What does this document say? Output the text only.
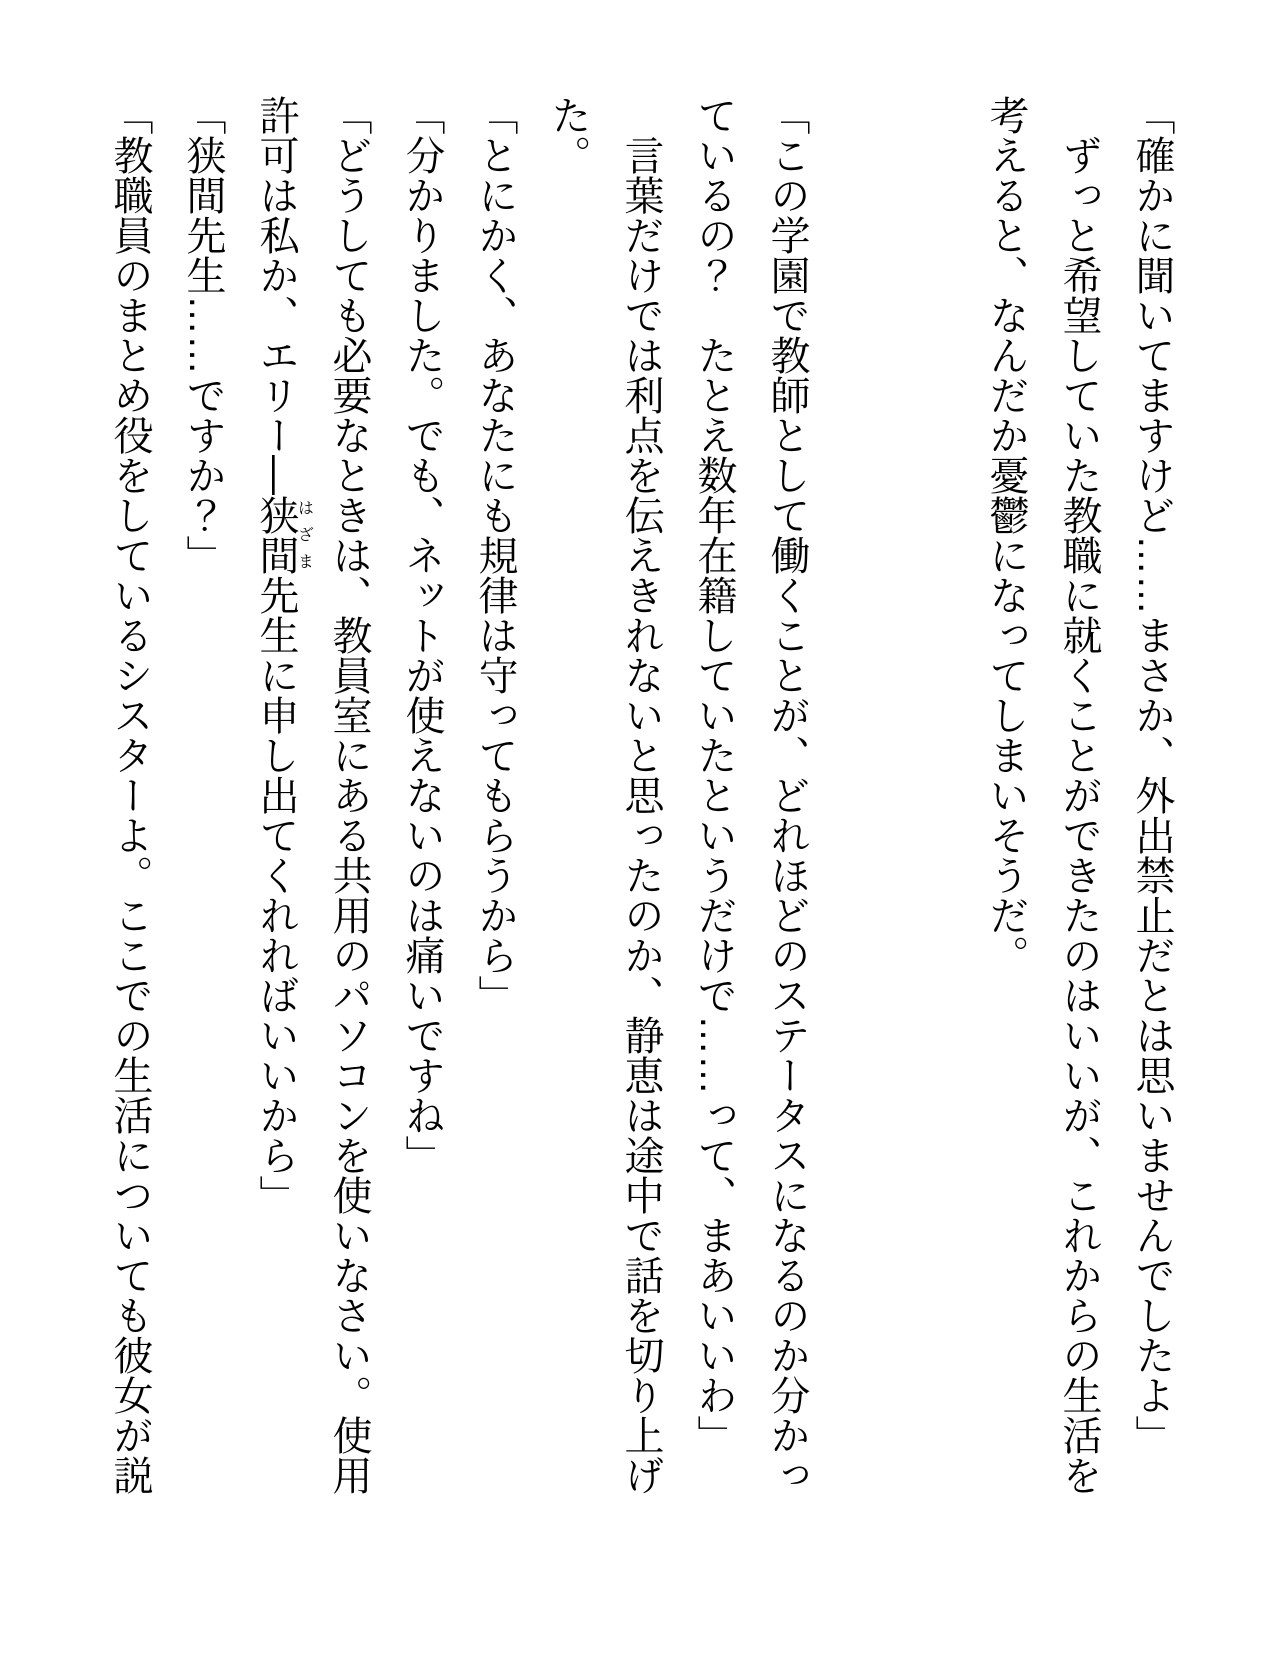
「確かに聞いてますけど……まさか、外出禁止だとは思いませんでしたよ」

ずっと希望していた教職に就くことができたのはいいが、これからの生活を考えると、なんだか憂鬱になってしまいそうだ。

「この学園で教師として働くことが、どれほどのステータスになるのか分かっているの？　たとえ数年在籍していたというだけで……って、まあいいわ」

言葉だけでは利点を伝えきれないと思ったのか、静恵は途中で話を切り上げた。

「とにかく、あなたにも規律は守ってもらうから」

「分かりました。でも、ネットが使えないのは痛いですね」

「どうしても必要なときは、教員室にある共用のパソコンを使いなさい。使用許可は私か、エリー―狭間はざま先生に申し出てくれればいいから」

「狭間先生……ですか？」

「教職員のまとめ役をしているシスターよ。ここでの生活についても彼女が説
